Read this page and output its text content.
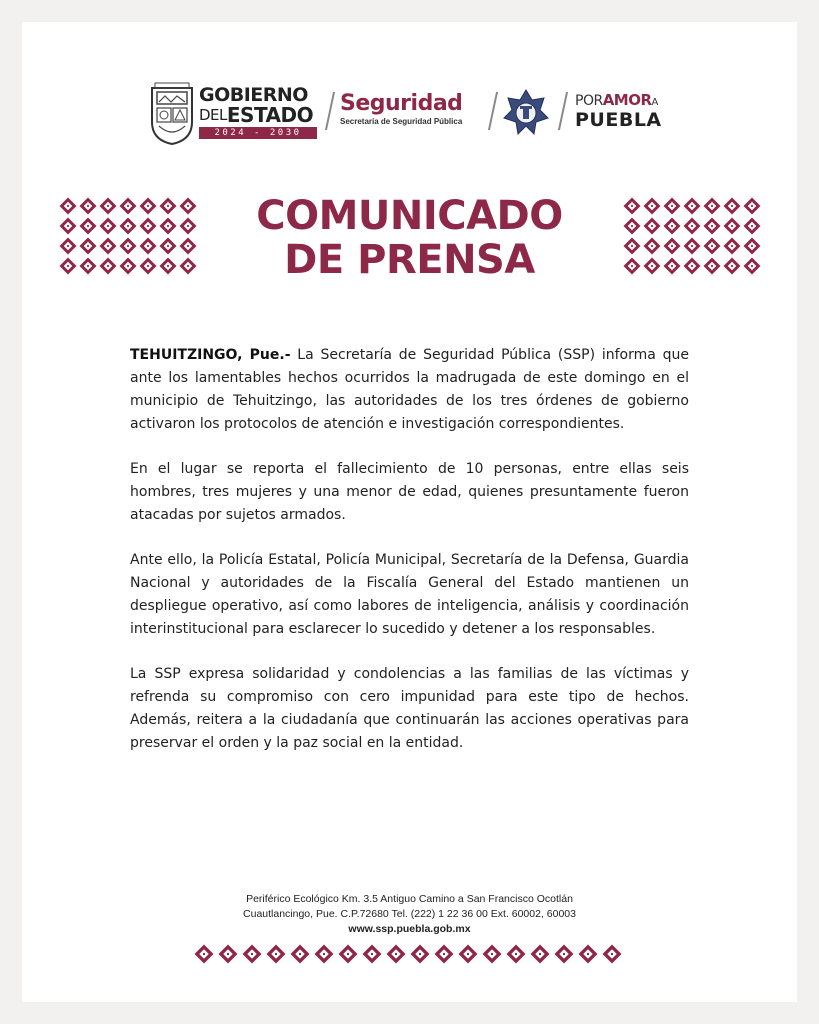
GOBIERNO
DEL ESTADO
2024 - 2030
Seguridad
Secretaría de Seguridad Pública
PORAMORA
PUEBLA
COMUNICADO
DE PRENSA

TEHUITZINGO, Pue.- La Secretaría de Seguridad Pública (SSP) informa que ante los lamentables hechos ocurridos la madrugada de este domingo en el municipio de Tehuitzingo, las autoridades de los tres órdenes de gobierno activaron los protocolos de atención e investigación correspondientes.

En el lugar se reporta el fallecimiento de 10 personas, entre ellas seis hombres, tres mujeres y una menor de edad, quienes presuntamente fueron atacadas por sujetos armados.

Ante ello, la Policía Estatal, Policía Municipal, Secretaría de la Defensa, Guardia Nacional y autoridades de la Fiscalía General del Estado mantienen un despliegue operativo, así como labores de inteligencia, análisis y coordinación interinstitucional para esclarecer lo sucedido y detener a los responsables.

La SSP expresa solidaridad y condolencias a las familias de las víctimas y refrenda su compromiso con cero impunidad para este tipo de hechos. Además, reitera a la ciudadanía que continuarán las acciones operativas para preservar el orden y la paz social en la entidad.

Periférico Ecológico Km. 3.5 Antiguo Camino a San Francisco Ocotlán
Cuautlancingo, Pue. C.P.72680 Tel. (222) 1 22 36 00 Ext. 60002, 60003
www.ssp.puebla.gob.mx
